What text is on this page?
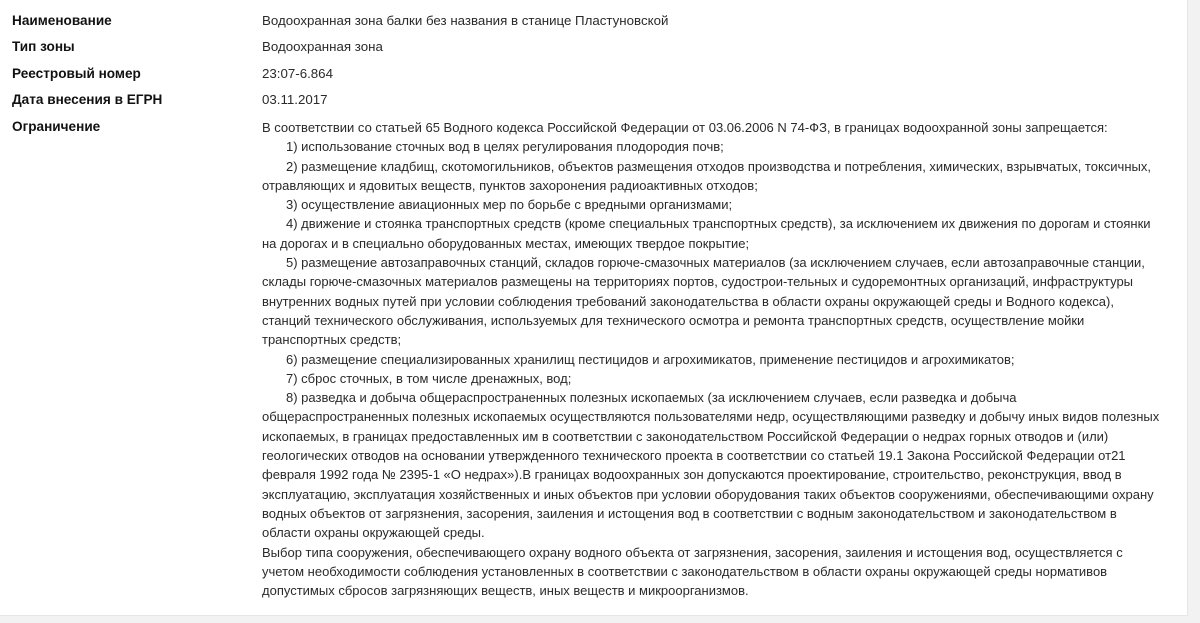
Наименование	Водоохранная зона балки без названия в станице Пластуновской
Тип зоны	Водоохранная зона
Реестровый номер	23:07-6.864
Дата внесения в ЕГРН	03.11.2017
Ограничение	В соответствии со статьей 65 Водного кодекса Российской Федерации от 03.06.2006 N 74-ФЗ, в границах водоохранной зоны запрещается:

1) использование сточных вод в целях регулирования плодородия почв;

2) размещение кладбищ, скотомогильников, объектов размещения отходов производства и потребления, химических, взрывчатых, токсичных, отравляющих и ядовитых веществ, пунктов захоронения радиоактивных отходов;

3) осуществление авиационных мер по борьбе с вредными организмами;

4) движение и стоянка транспортных средств (кроме специальных транспортных средств), за исключением их движения по дорогам и стоянки на дорогах и в специально оборудованных местах, имеющих твердое покрытие;

5) размещение автозаправочных станций, складов горюче-смазочных материалов (за исключением случаев, если автозаправочные станции, склады горюче-смазочных материалов размещены на территориях портов, судострои-тельных и судоремонтных организаций, инфраструктуры внутренних водных путей при условии соблюдения требований законодательства в области охраны окружающей среды и Водного кодекса), станций технического обслуживания, используемых для технического осмотра и ремонта транспортных средств, осуществление мойки транспортных средств;

6) размещение специализированных хранилищ пестицидов и агрохимикатов, применение пестицидов и агрохимикатов;

7) сброс сточных, в том числе дренажных, вод;

8) разведка и добыча общераспространенных полезных ископаемых (за исключением случаев, если разведка и добыча общераспространенных полезных ископаемых осуществляются пользователями недр, осуществляющими разведку и добычу иных видов полезных ископаемых, в границах предоставленных им в соответствии с законодательством Российской Федерации о недрах горных отводов и (или) геологических отводов на основании утвержденного технического проекта в соответствии со статьей 19.1 Закона Российской Федерации от21 февраля 1992 года № 2395-1 «О недрах»).В границах водоохранных зон допускаются проектирование, строительство, реконструкция, ввод в эксплуатацию, эксплуатация хозяйственных и иных объектов при условии оборудования таких объектов сооружениями, обеспечивающими охрану водных объектов от загрязнения, засорения, заиления и истощения вод в соответствии с водным законодательством и законодательством в области охраны окружающей среды.

Выбор типа сооружения, обеспечивающего охрану водного объекта от загрязнения, засорения, заиления и истощения вод, осуществляется с учетом необходимости соблюдения установленных в соответствии с законодательством в области охраны окружающей среды нормативов допустимых сбросов загрязняющих веществ, иных веществ и микроорганизмов.
